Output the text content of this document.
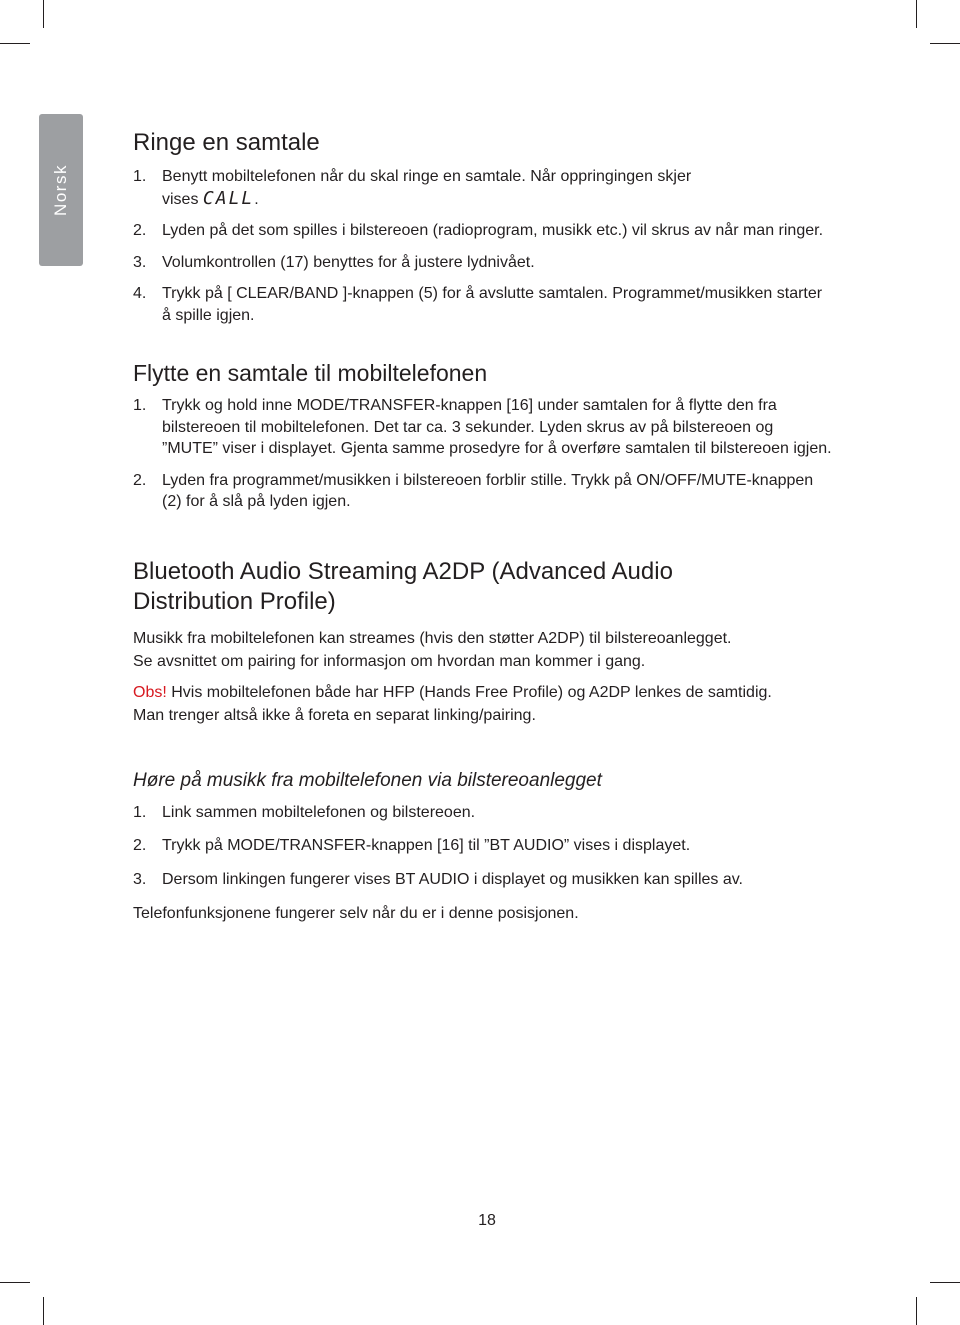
Norsk
Ringe en samtale
1. Benytt mobiltelefonen når du skal ringe en samtale. Når oppringingen skjer
vises CALL.
2. Lyden på det som spilles i bilstereoen (radioprogram, musikk etc.) vil skrus av når man ringer.
3. Volumkontrollen (17) benyttes for å justere lydnivået.
4. Trykk på [ CLEAR/BAND ]-knappen (5) for å avslutte samtalen. Programmet/musikken starter å spille igjen.
Flytte en samtale til mobiltelefonen
1. Trykk og hold inne MODE/TRANSFER-knappen [16] under samtalen for å flytte den fra bilstereoen til mobiltelefonen. Det tar ca. 3 sekunder. Lyden skrus av på bilstereoen og ”MUTE” viser i displayet. Gjenta samme prosedyre for å overføre samtalen til bilstereoen igjen.
2. Lyden fra programmet/musikken i bilstereoen forblir stille. Trykk på ON/OFF/MUTE-knappen (2) for å slå på lyden igjen.
Bluetooth Audio Streaming A2DP (Advanced Audio
Distribution Profile)

Musikk fra mobiltelefonen kan streames (hvis den støtter A2DP) til bilstereoanlegget.
Se avsnittet om pairing for informasjon om hvordan man kommer i gang.

Obs! Hvis mobiltelefonen både har HFP (Hands Free Profile) og A2DP lenkes de samtidig.
Man trenger altså ikke å foreta en separat linking/pairing.

Høre på musikk fra mobiltelefonen via bilstereoanlegget
1. Link sammen mobiltelefonen og bilstereoen.
2. Trykk på MODE/TRANSFER-knappen [16] til ”BT AUDIO” vises i displayet.
3. Dersom linkingen fungerer vises BT AUDIO i displayet og musikken kan spilles av.

Telefonfunksjonene fungerer selv når du er i denne posisjonen.

18
